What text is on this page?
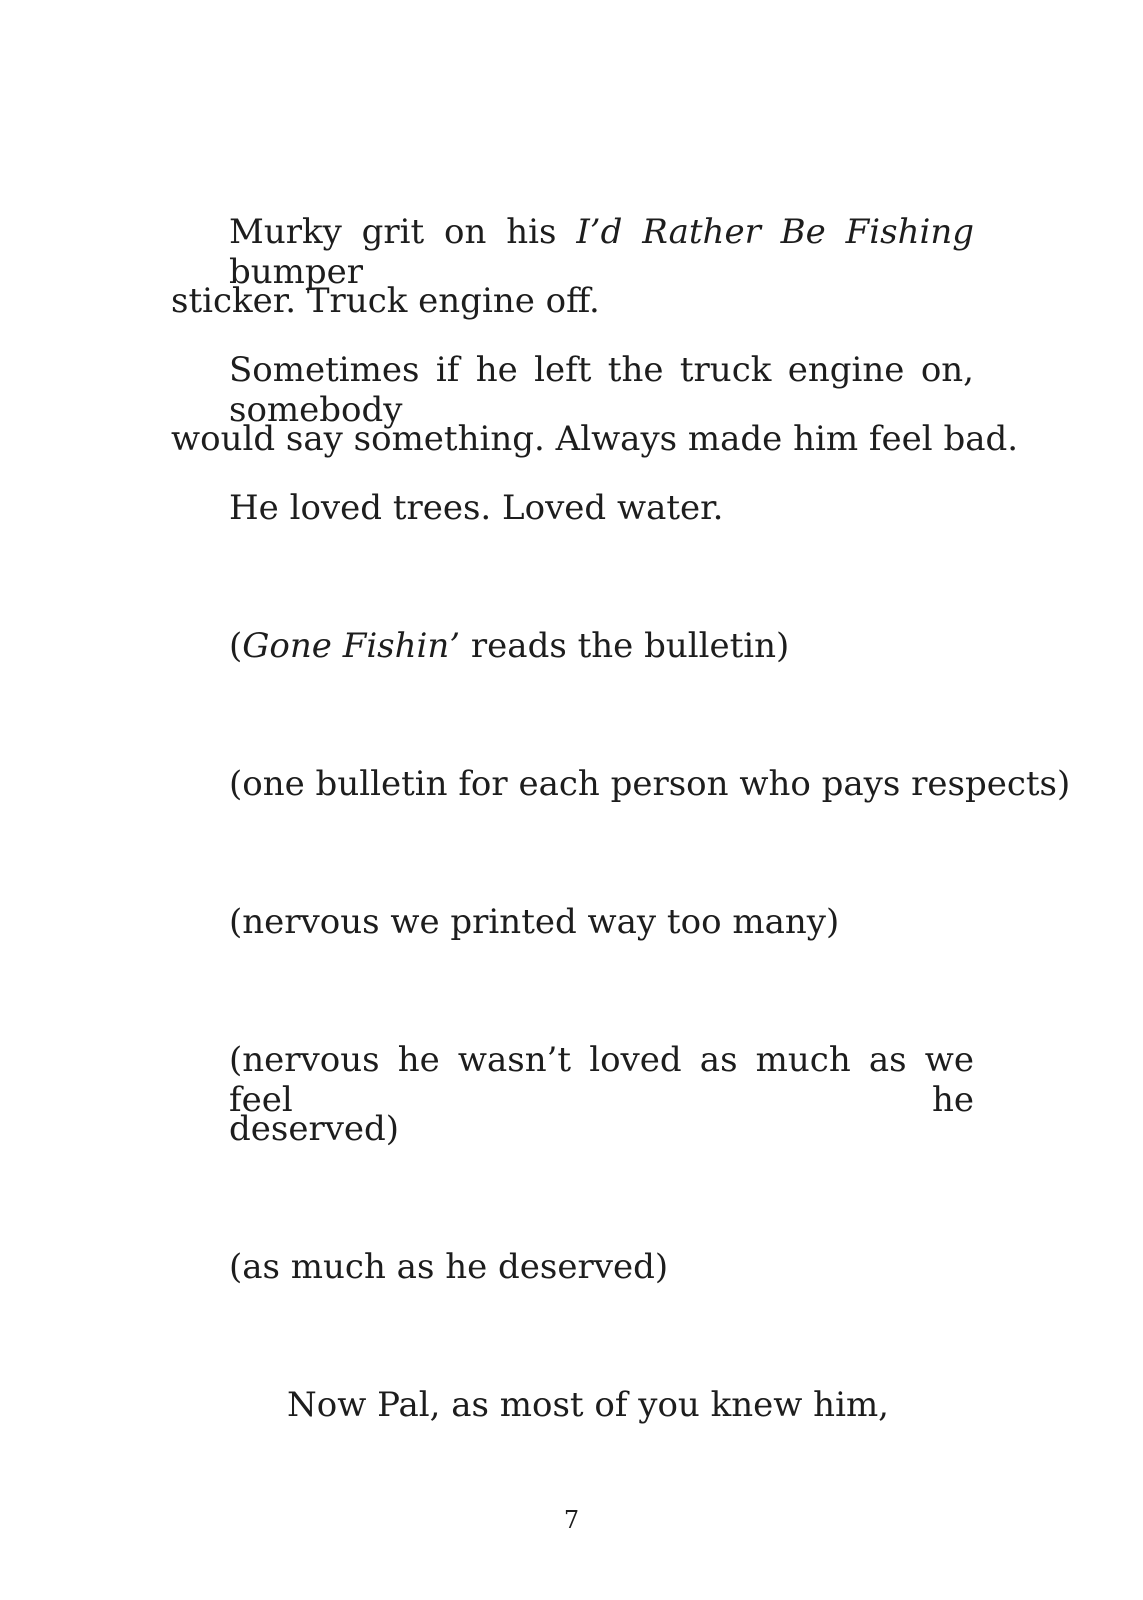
Murky grit on his I’d Rather Be Fishing bumper

sticker. Truck engine off.

Sometimes if he left the truck engine on, somebody

would say something. Always made him feel bad.

He loved trees. Loved water.

(Gone Fishin’ reads the bulletin)

(one bulletin for each person who pays respects)

(nervous we printed way too many)

(nervous he wasn’t loved as much as we feel he

deserved)

(as much as he deserved)

Now Pal, as most of you knew him,

7
